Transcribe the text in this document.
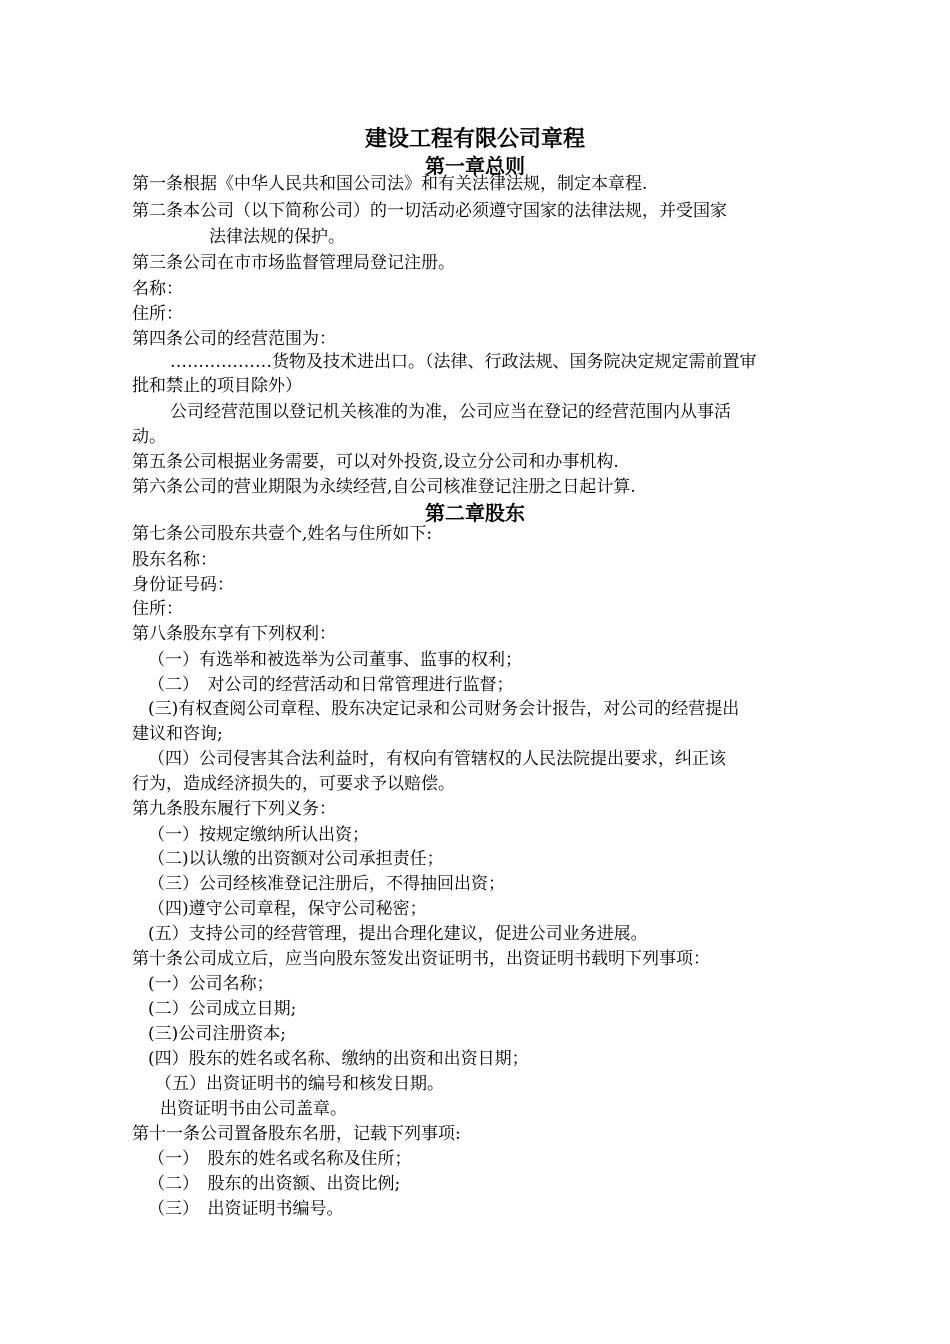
建设工程有限公司章程
第一章总则
第一条根据《中华人民共和国公司法》和有关法律法规，制定本章程.
第二条本公司（以下简称公司）的一切活动必须遵守国家的法律法规，并受国家
法律法规的保护。
第三条公司在市市场监督管理局登记注册。
名称：
住所：
第四条公司的经营范围为：
………………货物及技术进出口。（法律、行政法规、国务院决定规定需前置审
批和禁止的项目除外）
公司经营范围以登记机关核准的为准，公司应当在登记的经营范围内从事活
动。
第五条公司根据业务需要，可以对外投资,设立分公司和办事机构.
第六条公司的营业期限为永续经营,自公司核准登记注册之日起计算.
第二章股东
第七条公司股东共壹个,姓名与住所如下:
股东名称：
身份证号码：
住所：
第八条股东享有下列权利：
（一）有选举和被选举为公司董事、监事的权利；
（二）　对公司的经营活动和日常管理进行监督；
(三)有权查阅公司章程、股东决定记录和公司财务会计报告，对公司的经营提出
建议和咨询;
（四）公司侵害其合法利益时，有权向有管辖权的人民法院提出要求，纠正该
行为，造成经济损失的，可要求予以赔偿。
第九条股东履行下列义务：
（一）按规定缴纳所认出资；
（二)以认缴的出资额对公司承担责任；
（三）公司经核准登记注册后，不得抽回出资；
（四)遵守公司章程，保守公司秘密；
(五）支持公司的经营管理，提出合理化建议，促进公司业务进展。
第十条公司成立后，应当向股东签发出资证明书，出资证明书载明下列事项：
(一）公司名称；
(二）公司成立日期;
(三)公司注册资本;
(四）股东的姓名或名称、缴纳的出资和出资日期；
（五）出资证明书的编号和核发日期。
出资证明书由公司盖章。
第十一条公司置备股东名册，记载下列事项:
（一）　股东的姓名或名称及住所；
（二）　股东的出资额、出资比例;
（三）　出资证明书编号。
